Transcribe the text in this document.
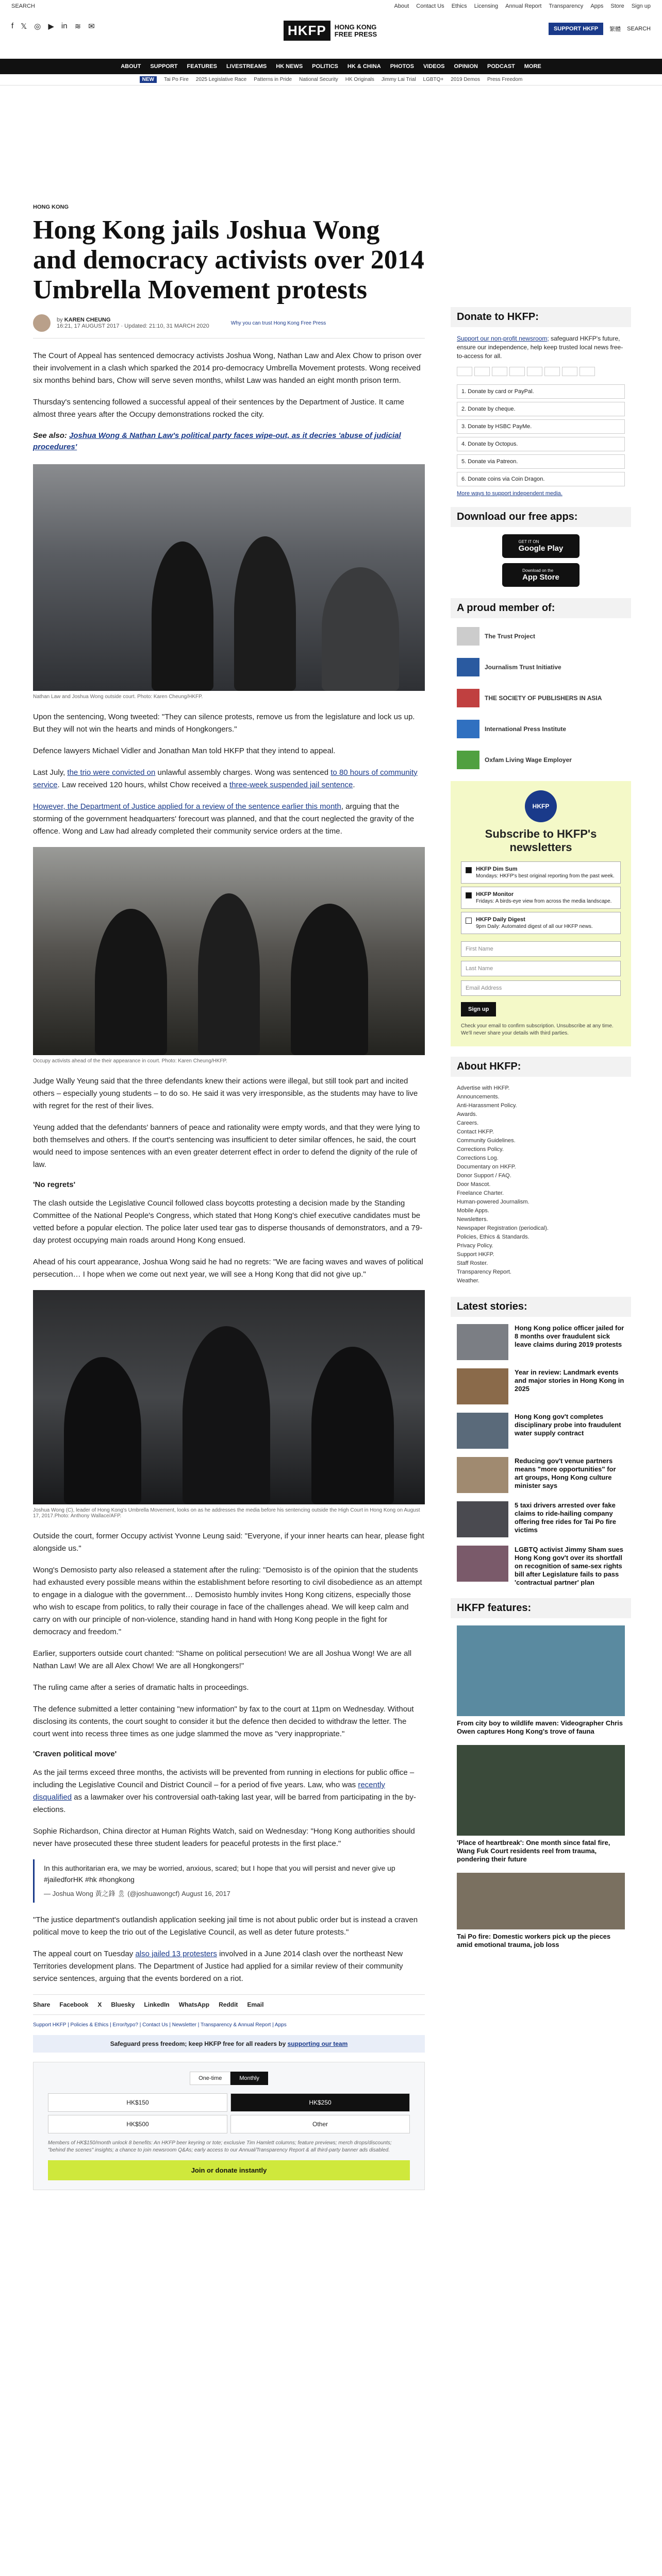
SEARCH	About Contact Us Ethics Licensing Annual Report Transparency Apps Store Sign up
f 𝕏 ◎ ▶ in ≋ ✉	HKFP	HONG KONG
FREE PRESS
SUPPORT HKFP	繁體 SEARCH
ABOUT SUPPORT FEATURES LIVESTREAMS HK NEWS POLITICS HK & CHINA PHOTOS VIDEOS OPINION PODCAST MORE
NEW	Tai Po Fire 2025 Legislative Race Patterns in Pride National Security HK Originals Jimmy Lai Trial LGBTQ+ 2019 Demos Press Freedom
HONG KONG
Hong Kong jails Joshua Wong and democracy activists over 2014 Umbrella Movement protests
by KAREN CHEUNG
16:21, 17 AUGUST 2017 · Updated: 21:10, 31 MARCH 2020	Why you can trust Hong Kong Free Press

The Court of Appeal has sentenced democracy activists Joshua Wong, Nathan Law and Alex Chow to prison over their involvement in a clash which sparked the 2014 pro-democracy Umbrella Movement protests. Wong received six months behind bars, Chow will serve seven months, whilst Law was handed an eight month prison term.

Thursday's sentencing followed a successful appeal of their sentences by the Department of Justice. It came almost three years after the Occupy demonstrations rocked the city.

See also: Joshua Wong & Nathan Law's political party faces wipe-out, as it decries 'abuse of judicial procedures'

Nathan Law and Joshua Wong outside court. Photo: Karen Cheung/HKFP.

Upon the sentencing, Wong tweeted: "They can silence protests, remove us from the legislature and lock us up. But they will not win the hearts and minds of Hongkongers."

Defence lawyers Michael Vidler and Jonathan Man told HKFP that they intend to appeal.

Last July, the trio were convicted on unlawful assembly charges. Wong was sentenced to 80 hours of community service. Law received 120 hours, whilst Chow received a three-week suspended jail sentence.

However, the Department of Justice applied for a review of the sentence earlier this month, arguing that the storming of the government headquarters' forecourt was planned, and that the court neglected the gravity of the offence. Wong and Law had already completed their community service orders at the time.

Occupy activists ahead of the their appearance in court. Photo: Karen Cheung/HKFP.

Judge Wally Yeung said that the three defendants knew their actions were illegal, but still took part and incited others – especially young students – to do so. He said it was very irresponsible, as the students may have to live with regret for the rest of their lives.

Yeung added that the defendants' banners of peace and rationality were empty words, and that they were lying to both themselves and others. If the court's sentencing was insufficient to deter similar offences, he said, the court would need to impose sentences with an even greater deterrent effect in order to defend the dignity of the rule of law.

'No regrets'

The clash outside the Legislative Council followed class boycotts protesting a decision made by the Standing Committee of the National People's Congress, which stated that Hong Kong's chief executive candidates must be vetted before a popular election. The police later used tear gas to disperse thousands of demonstrators, and a 79-day protest occupying main roads around Hong Kong ensued.

Ahead of his court appearance, Joshua Wong said he had no regrets: "We are facing waves and waves of political persecution… I hope when we come out next year, we will see a Hong Kong that did not give up."

Joshua Wong (C), leader of Hong Kong's Umbrella Movement, looks on as he addresses the media before his sentencing outside the High Court in Hong Kong on August 17, 2017.Photo: Anthony Wallace/AFP.

Outside the court, former Occupy activist Yvonne Leung said: "Everyone, if your inner hearts can hear, please fight alongside us."

Wong's Demosisto party also released a statement after the ruling: "Demosisto is of the opinion that the students had exhausted every possible means within the establishment before resorting to civil disobedience as an attempt to engage in a dialogue with the government… Demosisto humbly invites Hong Kong citizens, especially those who wish to escape from politics, to rally their courage in face of the challenges ahead. We will keep calm and carry on with our principle of non-violence, standing hand in hand with Hong Kong people in the fight for democracy and freedom."

Earlier, supporters outside court chanted: "Shame on political persecution! We are all Joshua Wong! We are all Nathan Law! We are all Alex Chow! We are all Hongkongers!"

The ruling came after a series of dramatic halts in proceedings.

The defence submitted a letter containing "new information" by fax to the court at 11pm on Wednesday. Without disclosing its contents, the court sought to consider it but the defence then decided to withdraw the letter. The court went into recess three times as one judge slammed the move as "very inappropriate."

'Craven political move'

As the jail terms exceed three months, the activists will be prevented from running in elections for public office – including the Legislative Council and District Council – for a period of five years. Law, who was recently disqualified as a lawmaker over his controversial oath-taking last year, will be barred from participating in the by-elections.

Sophie Richardson, China director at Human Rights Watch, said on Wednesday: "Hong Kong authorities should never have prosecuted these three student leaders for peaceful protests in the first place."

In this authoritarian era, we may be worried, anxious, scared; but I hope that you will persist and never give up #jailedforHK #hk #hongkong
— Joshua Wong 黃之鋒 🎗 (@joshuawongcf) August 16, 2017

"The justice department's outlandish application seeking jail time is not about public order but is instead a craven political move to keep the trio out of the Legislative Council, as well as deter future protests."

The appeal court on Tuesday also jailed 13 protesters involved in a June 2014 clash over the northeast New Territories development plans. The Department of Justice had applied for a similar review of their community service sentences, arguing that the events bordered on a riot.

Share Facebook X Bluesky LinkedIn WhatsApp Reddit Email
Support HKFP | Policies & Ethics | Error/typo? | Contact Us | Newsletter | Transparency & Annual Report | Apps
Safeguard press freedom; keep HKFP free for all readers by supporting our team
One-time	Monthly
HK$150	HK$250
HK$500	Other
Members of HK$150/month unlock 8 benefits: An HKFP beer keyring or tote; exclusive Tim Hamlett columns; feature previews; merch drops/discounts; "behind the scenes" insights; a chance to join newsroom Q&As; early access to our Annual/Transparency Report & all third-party banner ads disabled.
Join or donate instantly
Donate to HKFP:

Support our non-profit newsroom; safeguard HKFP's future, ensure our independence, help keep trusted local news free-to-access for all.

1. Donate by card or PayPal.
2. Donate by cheque.
3. Donate by HSBC PayMe.
4. Donate by Octopus.
5. Donate via Patreon.
6. Donate coins via Coin Dragon.
More ways to support independent media.
Download our free apps:
GET IT ON
Google Play
Download on the
App Store
A proud member of:
The Trust Project
Journalism Trust Initiative
THE SOCIETY OF PUBLISHERS IN ASIA
International Press Institute
Oxfam Living Wage Employer
HKFP
Subscribe to HKFP's newsletters
HKFP Dim Sum
Mondays: HKFP's best original reporting from the past week.
HKFP Monitor
Fridays: A birds-eye view from across the media landscape.
HKFP Daily Digest
9pm Daily: Automated digest of all our HKFP news.
First Name
Last Name
Email Address
Sign up
Check your email to confirm subscription. Unsubscribe at any time. We'll never share your details with third parties.
About HKFP:
Advertise with HKFP.
Announcements.
Anti-Harassment Policy.
Awards.
Careers.
Contact HKFP.
Community Guidelines.
Corrections Policy.
Corrections Log.
Documentary on HKFP.
Donor Support / FAQ.
Door Mascot.
Freelance Charter.
Human-powered Journalism.
Mobile Apps.
Newsletters.
Newspaper Registration (periodical).
Policies, Ethics & Standards.
Privacy Policy.
Support HKFP.
Staff Roster.
Transparency Report.
Weather.
Latest stories:
Hong Kong police officer jailed for 8 months over fraudulent sick leave claims during 2019 protests
Year in review: Landmark events and major stories in Hong Kong in 2025
Hong Kong gov't completes disciplinary probe into fraudulent water supply contract
Reducing gov't venue partners means "more opportunities" for art groups, Hong Kong culture minister says
5 taxi drivers arrested over fake claims to ride-hailing company offering free rides for Tai Po fire victims
LGBTQ activist Jimmy Sham sues Hong Kong gov't over its shortfall on recognition of same-sex rights bill after Legislature fails to pass 'contractual partner' plan
HKFP features:
From city boy to wildlife maven: Videographer Chris Owen captures Hong Kong's trove of fauna
'Place of heartbreak': One month since fatal fire, Wang Fuk Court residents reel from trauma, pondering their future
Tai Po fire: Domestic workers pick up the pieces amid emotional trauma, job loss
